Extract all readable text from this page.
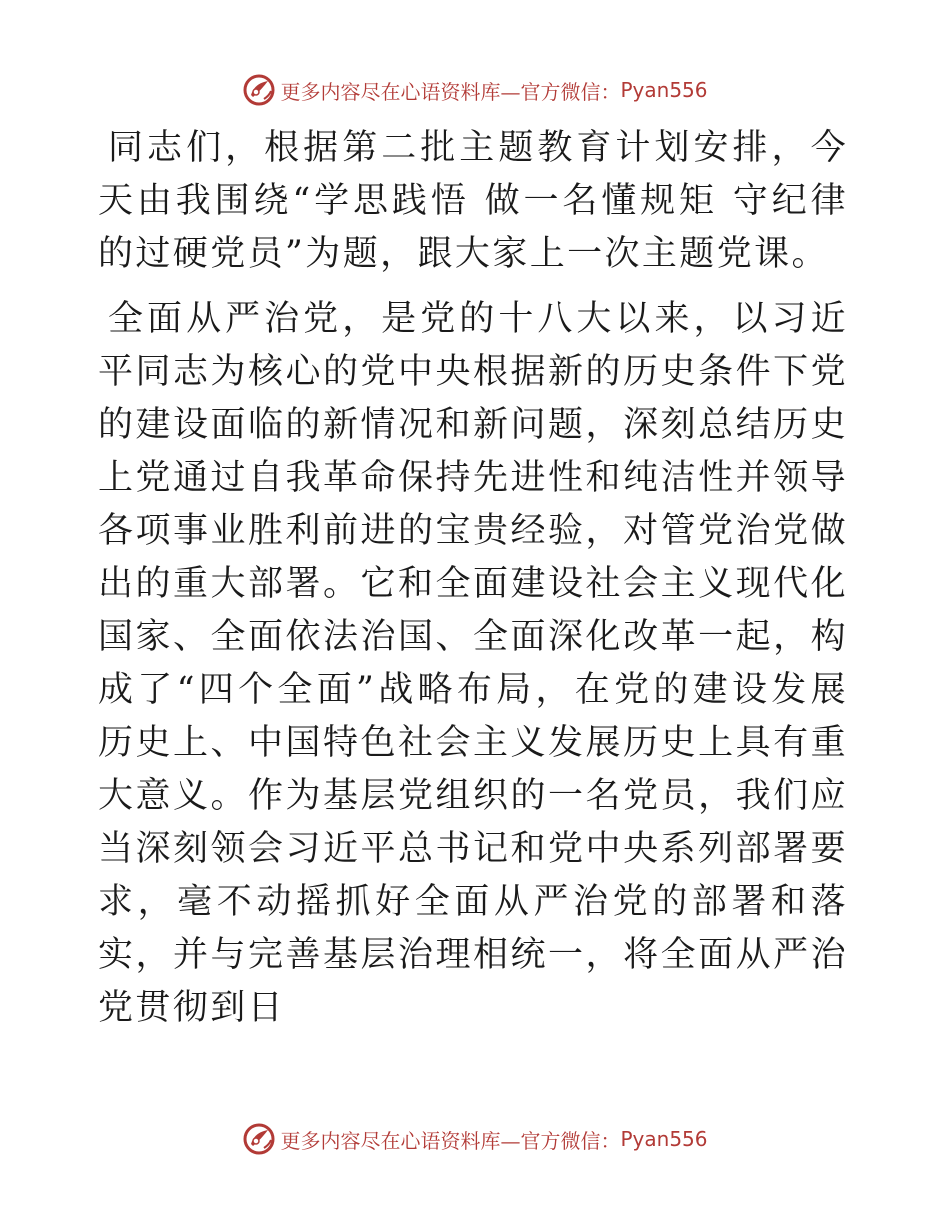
更多内容尽在心语资料库—官方微信： Pyan556

同志们，根据第二批主题教育计划安排，今天由我围绕“学思践悟 做一名懂规矩 守纪律的过硬党员”为题，跟大家上一次主题党课。

全面从严治党，是党的十八大以来，以习近平同志为核心的党中央根据新的历史条件下党的建设面临的新情况和新问题，深刻总结历史上党通过自我革命保持先进性和纯洁性并领导各项事业胜利前进的宝贵经验，对管党治党做出的重大部署。它和全面建设社会主义现代化国家、全面依法治国、全面深化改革一起，构成了“四个全面”战略布局，在党的建设发展历史上、中国特色社会主义发展历史上具有重大意义。作为基层党组织的一名党员，我们应当深刻领会习近平总书记和党中央系列部署要求，毫不动摇抓好全面从严治党的部署和落实，并与完善基层治理相统一，将全面从严治党贯彻到日

更多内容尽在心语资料库—官方微信： Pyan556
